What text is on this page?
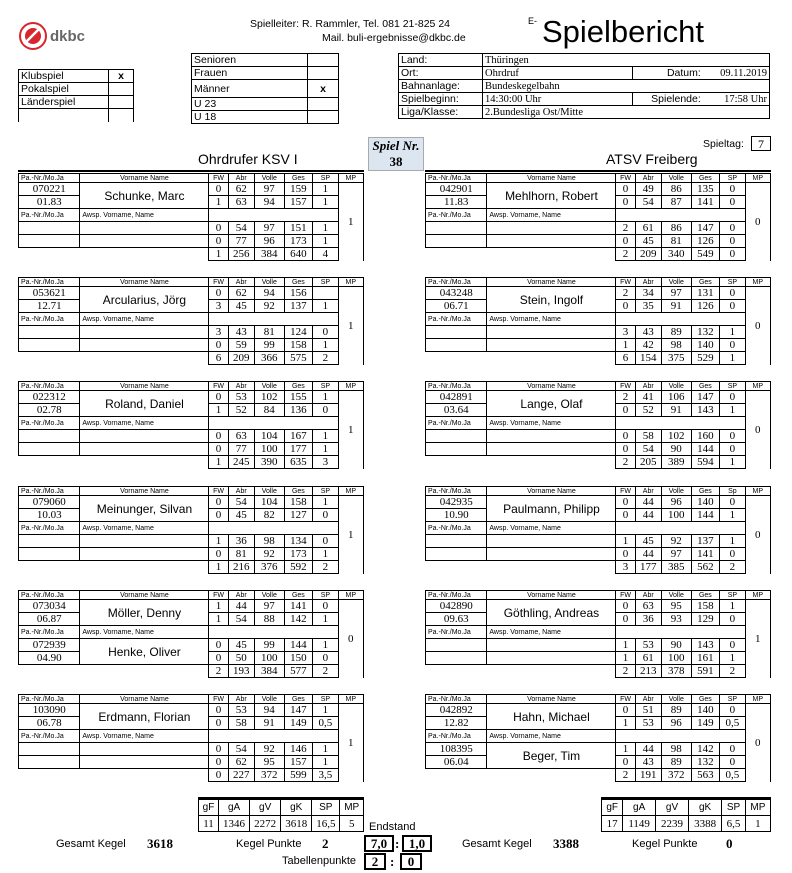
dkbc
Spielleiter: R. Rammler, Tel. 081 21-825 24
Mail. buli-ergebnisse@dkbc.de
E- Spielbericht
Klubspiel	x
Pokalspiel	
Länderspiel	

Senioren	
Frauen	
Männer	x
U 23	
U 18	
Land:	Thüringen		
Ort:	Ohrdruf	Datum:	09.11.2019
Bahnanlage:	Bundeskegelbahn		
Spielbeginn:	14:30:00 Uhr	Spielende:	17:58 Uhr
Liga/Klasse:	2.Bundesliga Ost/Mitte		
Spiel Nr.
38
Spieltag:	7
Ohrdrufer KSV I	ATSV Freiberg
Pa.-Nr./Mo.Ja	Vorname Name	FW	Abr	Volle	Ges	SP	MP
070221	Schunke, Marc	0	62	97	159	1	1
01.83		1	63	94	157	1	
Pa.-Nr./Mo.Ja	Awsp. Vorname, Name						
		0	54	97	151	1	
		0	77	96	173	1	
		1	256	384	640	4	
Pa.-Nr./Mo.Ja	Vorname Name	FW	Abr	Volle	Ges	SP	MP
053621	Arcularius, Jörg	0	62	94	156		1
12.71		3	45	92	137	1	
Pa.-Nr./Mo.Ja	Awsp. Vorname, Name						
		3	43	81	124	0	
		0	59	99	158	1	
		6	209	366	575	2	
Pa.-Nr./Mo.Ja	Vorname Name	FW	Abr	Volle	Ges	SP	MP
022312	Roland, Daniel	0	53	102	155	1	1
02.78		1	52	84	136	0	
Pa.-Nr./Mo.Ja	Awsp. Vorname, Name						
		0	63	104	167	1	
		0	77	100	177	1	
		1	245	390	635	3	
Pa.-Nr./Mo.Ja	Vorname Name	FW	Abr	Volle	Ges	SP	MP
079060	Meinunger, Silvan	0	54	104	158	1	1
10.03		0	45	82	127	0	
Pa.-Nr./Mo.Ja	Awsp. Vorname, Name						
		1	36	98	134	0	
		0	81	92	173	1	
		1	216	376	592	2	
Pa.-Nr./Mo.Ja	Vorname Name	FW	Abr	Volle	Ges	SP	MP
073034	Möller, Denny	1	44	97	141	0	0
06.87		1	54	88	142	1	
Pa.-Nr./Mo.Ja	Awsp. Vorname, Name						
072939	Henke, Oliver	0	45	99	144	1	
04.90		0	50	100	150	0	
		2	193	384	577	2	
Pa.-Nr./Mo.Ja	Vorname Name	FW	Abr	Volle	Ges	SP	MP
103090	Erdmann, Florian	0	53	94	147	1	1
06.78		0	58	91	149	0,5	
Pa.-Nr./Mo.Ja	Awsp. Vorname, Name						
		0	54	92	146	1	
		0	62	95	157	1	
		0	227	372	599	3,5	
Pa.-Nr./Mo.Ja	Vorname Name	FW	Abr	Volle	Ges	SP	MP
042901	Mehlhorn, Robert	0	49	86	135	0	0
11.83		0	54	87	141	0	
Pa.-Nr./Mo.Ja	Awsp. Vorname, Name						
		2	61	86	147	0	
		0	45	81	126	0	
		2	209	340	549	0	
Pa.-Nr./Mo.Ja	Vorname Name	FW	Abr	Volle	Ges	SP	MP
043248	Stein, Ingolf	2	34	97	131	0	0
06.71		0	35	91	126	0	
Pa.-Nr./Mo.Ja	Awsp. Vorname, Name						
		3	43	89	132	1	
		1	42	98	140	0	
		6	154	375	529	1	
Pa.-Nr./Mo.Ja	Vorname Name	FW	Abr	Volle	Ges	SP	MP
042891	Lange, Olaf	2	41	106	147	0	0
03.64		0	52	91	143	1	
Pa.-Nr./Mo.Ja	Awsp. Vorname, Name						
		0	58	102	160	0	
		0	54	90	144	0	
		2	205	389	594	1	
Pa.-Nr./Mo.Ja	Vorname Name	FW	Abr	Volle	Ges	Sp	MP
042935	Paulmann, Philipp	0	44	96	140	0	0
10.90		0	44	100	144	1	
Pa.-Nr./Mo.Ja	Awsp. Vorname, Name						
		1	45	92	137	1	
		0	44	97	141	0	
		3	177	385	562	2	
Pa.-Nr./Mo.Ja	Vorname Name	FW	Abr	Volle	Ges	SP	MP
042890	Göthling, Andreas	0	63	95	158	1	1
09.63		0	36	93	129	0	
Pa.-Nr./Mo.Ja	Awsp. Vorname, Name						
		1	53	90	143	0	
		1	61	100	161	1	
		2	213	378	591	2	
Pa.-Nr./Mo.Ja	Vorname Name	FW	Abr	Volle	Ges	SP	MP
042892	Hahn, Michael	0	51	89	140	0	0
12.82		1	53	96	149	0,5	
Pa.-Nr./Mo.Ja	Awsp. Vorname, Name						
108395	Beger, Tim	1	44	98	142	0	
06.04		0	43	89	132	0	
		2	191	372	563	0,5	
gF	gA	gV	gK	SP	MP
11	1346	2272	3618	16,5	5
gF	gA	gV	gK	SP	MP
17	1149	2239	3388	6,5	1
Gesamt Kegel 3618	Kegel Punkte 2
Endstand
7,0 : 1,0
Tabellenpunkte	2 :	0
Gesamt Kegel 3388	Kegel Punkte 0
